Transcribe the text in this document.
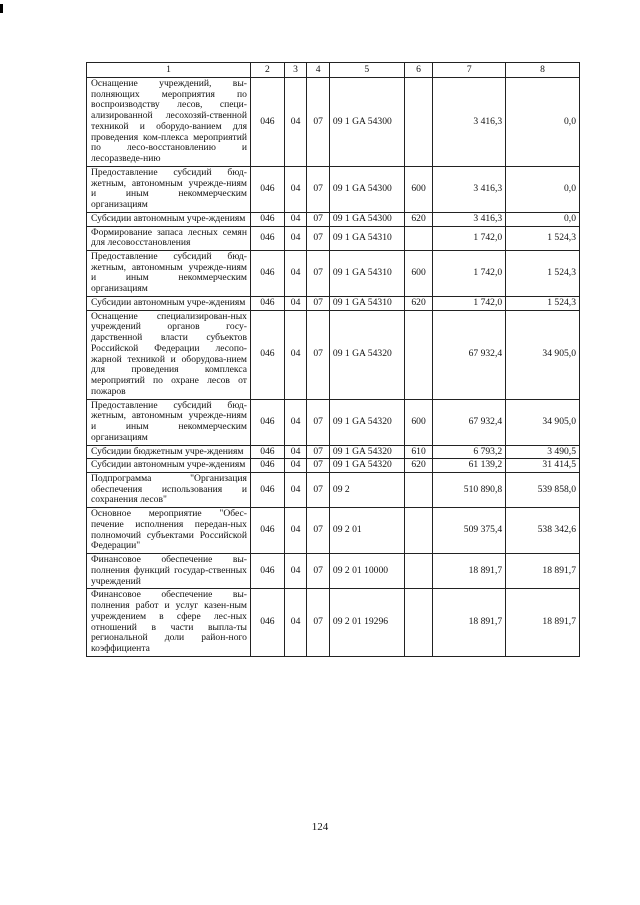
1	2	3	4	5	6	7	8
Оснащение учреждений, вы-полняющих мероприятия по воспроизводству лесов, специ-ализированной лесохозяй-ственной техникой и оборудо-ванием для проведения ком-плекса мероприятий по лесо-восстановлению и лесоразведе-нию	046	04	07	09 1 GA 54300		3 416,3	0,0
Предоставление субсидий бюд-жетным, автономным учрежде-ниям и иным некоммерческим организациям	046	04	07	09 1 GA 54300	600	3 416,3	0,0
Субсидии автономным учре-ждениям	046	04	07	09 1 GA 54300	620	3 416,3	0,0
Формирование запаса лесных семян для лесовосстановления	046	04	07	09 1 GA 54310		1 742,0	1 524,3
Предоставление субсидий бюд-жетным, автономным учрежде-ниям и иным некоммерческим организациям	046	04	07	09 1 GA 54310	600	1 742,0	1 524,3
Субсидии автономным учре-ждениям	046	04	07	09 1 GA 54310	620	1 742,0	1 524,3
Оснащение специализирован-ных учреждений органов госу-дарственной власти субъектов Российской Федерации лесопо-жарной техникой и оборудова-нием для проведения комплекса мероприятий по охране лесов от пожаров	046	04	07	09 1 GA 54320		67 932,4	34 905,0
Предоставление субсидий бюд-жетным, автономным учрежде-ниям и иным некоммерческим организациям	046	04	07	09 1 GA 54320	600	67 932,4	34 905,0
Субсидии бюджетным учре-ждениям	046	04	07	09 1 GA 54320	610	6 793,2	3 490,5
Субсидии автономным учре-ждениям	046	04	07	09 1 GA 54320	620	61 139,2	31 414,5
Подпрограмма "Организация обеспечения использования и сохранения лесов"	046	04	07	09 2		510 890,8	539 858,0
Основное мероприятие "Обес-печение исполнения передан-ных полномочий субъектами Российской Федерации"	046	04	07	09 2 01		509 375,4	538 342,6
Финансовое обеспечение вы-полнения функций государ-ственных учреждений	046	04	07	09 2 01 10000		18 891,7	18 891,7
Финансовое обеспечение вы-полнения работ и услуг казен-ным учреждением в сфере лес-ных отношений в части выпла-ты региональной доли район-ного коэффициента	046	04	07	09 2 01 19296		18 891,7	18 891,7
124
